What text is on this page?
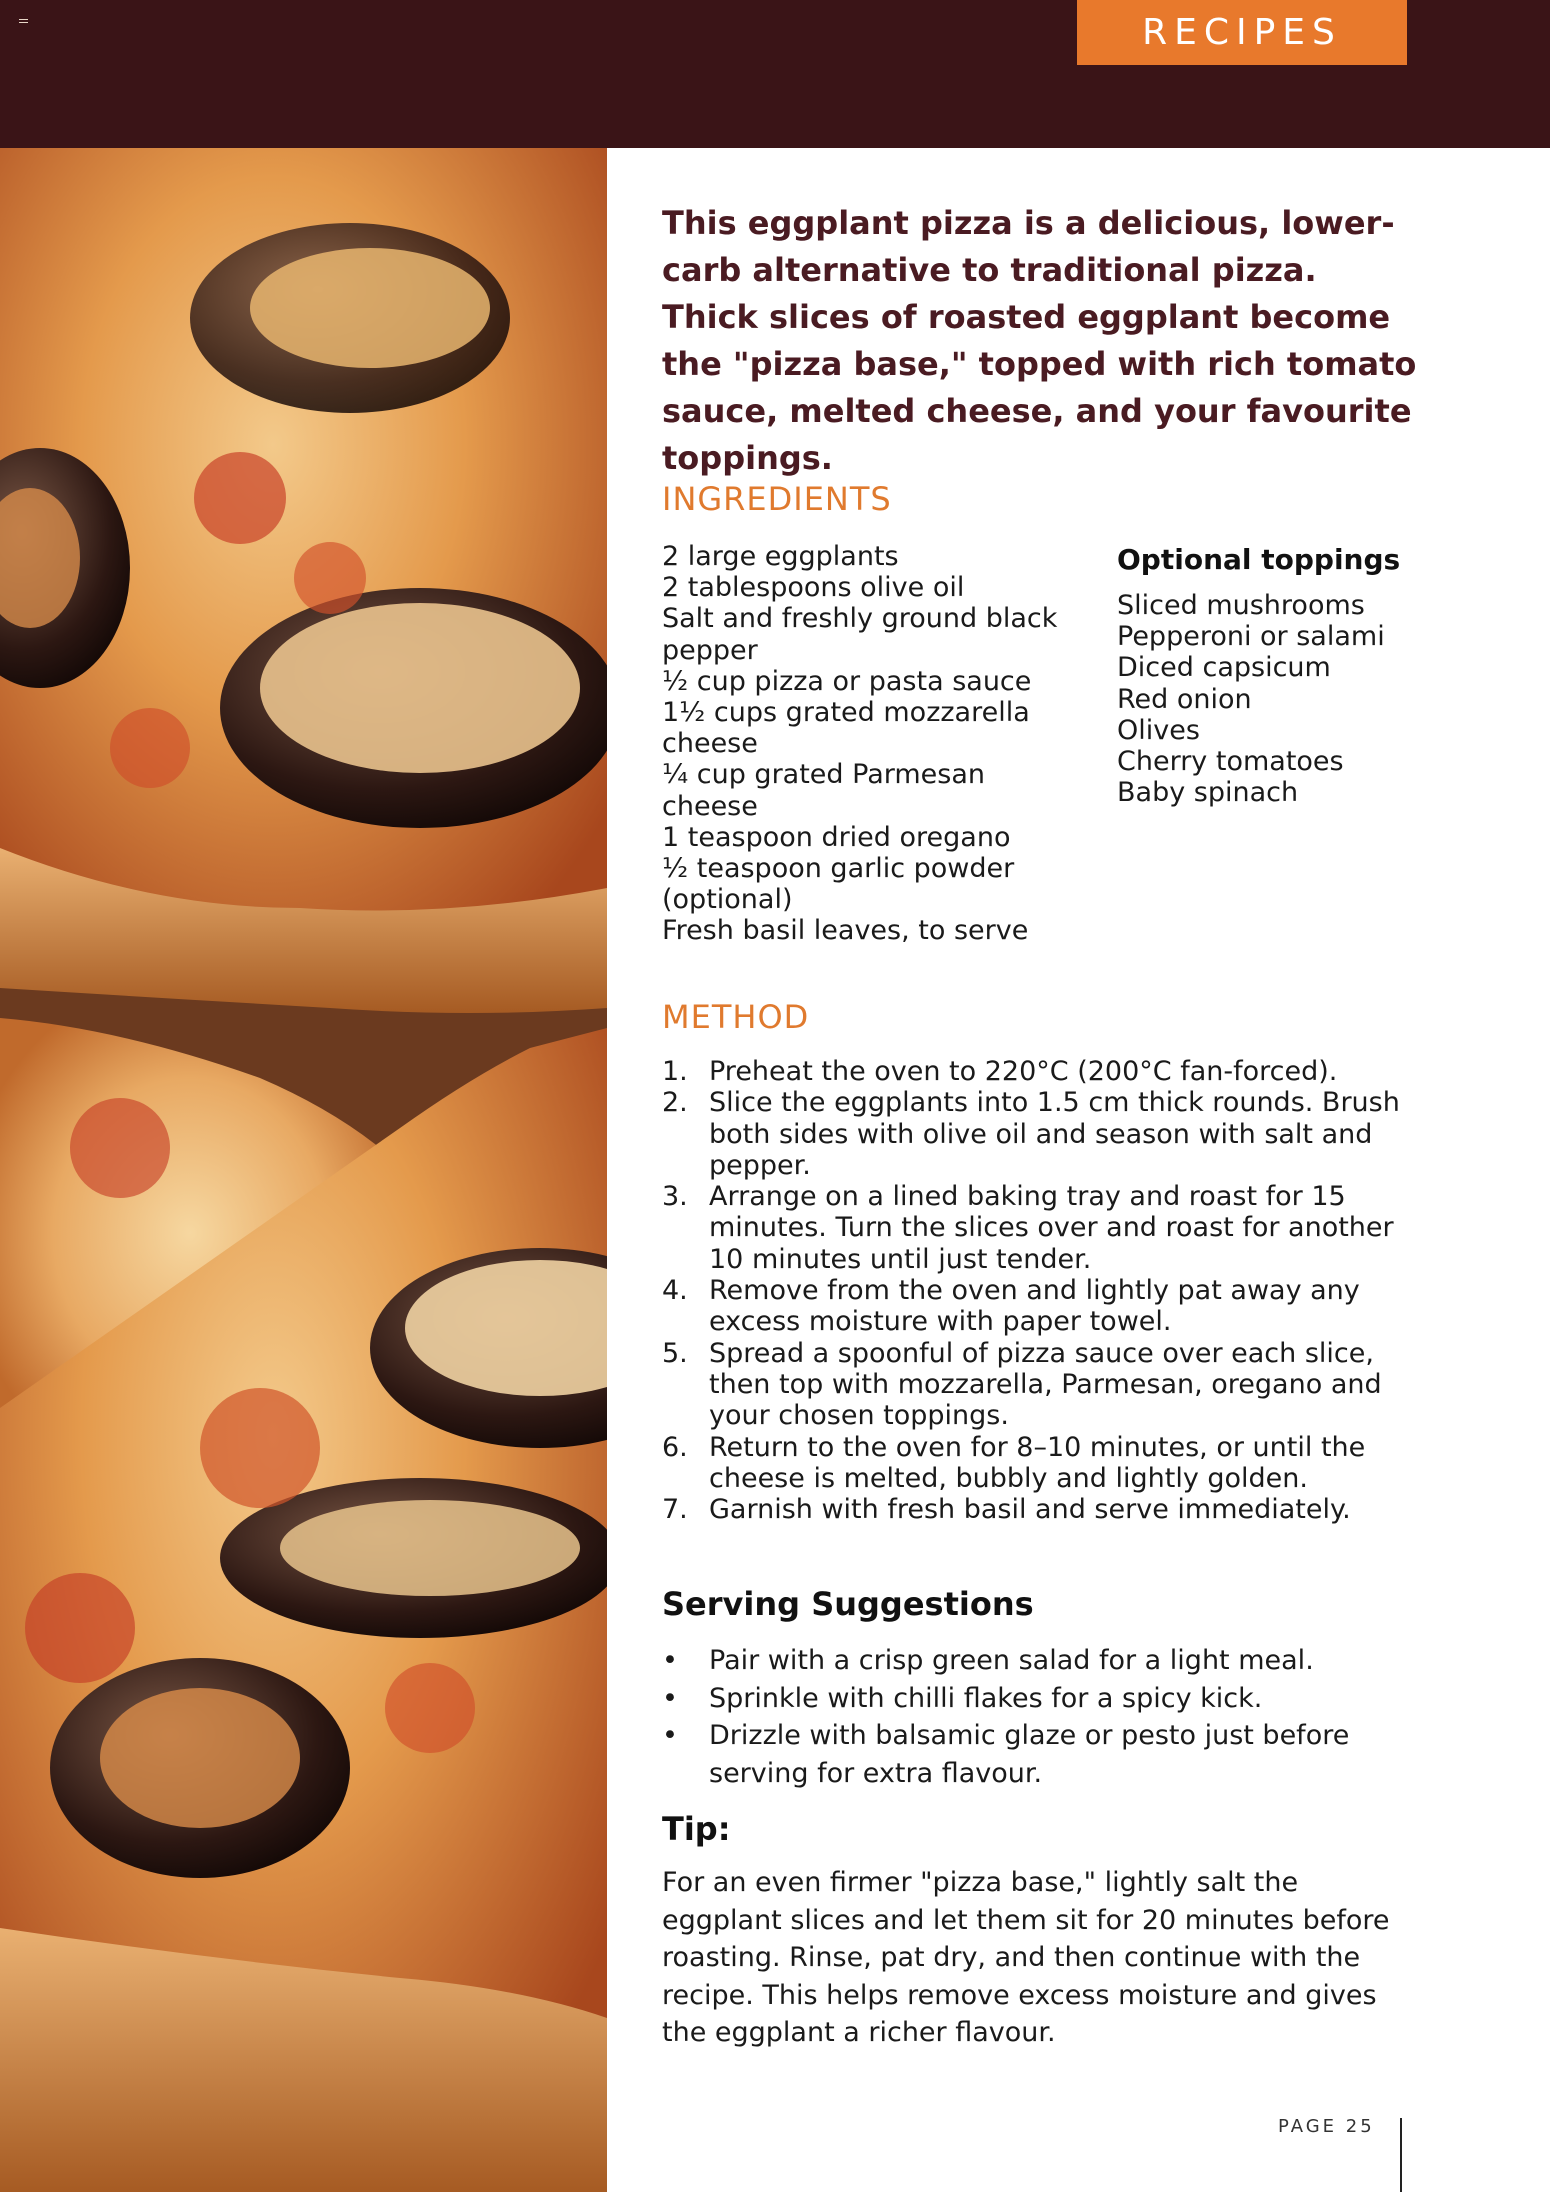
RECIPES

This eggplant pizza is a delicious, lower-carb alternative to traditional pizza. Thick slices of roasted eggplant become the "pizza base," topped with rich tomato sauce, melted cheese, and your favourite toppings.

INGREDIENTS
2 large eggplants
2 tablespoons olive oil
Salt and freshly ground black
pepper
½ cup pizza or pasta sauce
1½ cups grated mozzarella
cheese
¼ cup grated Parmesan
cheese
1 teaspoon dried oregano
½ teaspoon garlic powder
(optional)
Fresh basil leaves, to serve
Optional toppings
Sliced mushrooms
Pepperoni or salami
Diced capsicum
Red onion
Olives
Cherry tomatoes
Baby spinach
METHOD
1. Preheat the oven to 220°C (200°C fan-forced).
2. Slice the eggplants into 1.5 cm thick rounds. Brush both sides with olive oil and season with salt and pepper.
3. Arrange on a lined baking tray and roast for 15 minutes. Turn the slices over and roast for another 10 minutes until just tender.
4. Remove from the oven and lightly pat away any excess moisture with paper towel.
5. Spread a spoonful of pizza sauce over each slice, then top with mozzarella, Parmesan, oregano and your chosen toppings.
6. Return to the oven for 8–10 minutes, or until the cheese is melted, bubbly and lightly golden.
7. Garnish with fresh basil and serve immediately.
Serving Suggestions
• Pair with a crisp green salad for a light meal.
• Sprinkle with chilli flakes for a spicy kick.
• Drizzle with balsamic glaze or pesto just before serving for extra flavour.
Tip:

For an even firmer "pizza base," lightly salt the eggplant slices and let them sit for 20 minutes before roasting. Rinse, pat dry, and then continue with the recipe. This helps remove excess moisture and gives the eggplant a richer flavour.

PAGE 25
